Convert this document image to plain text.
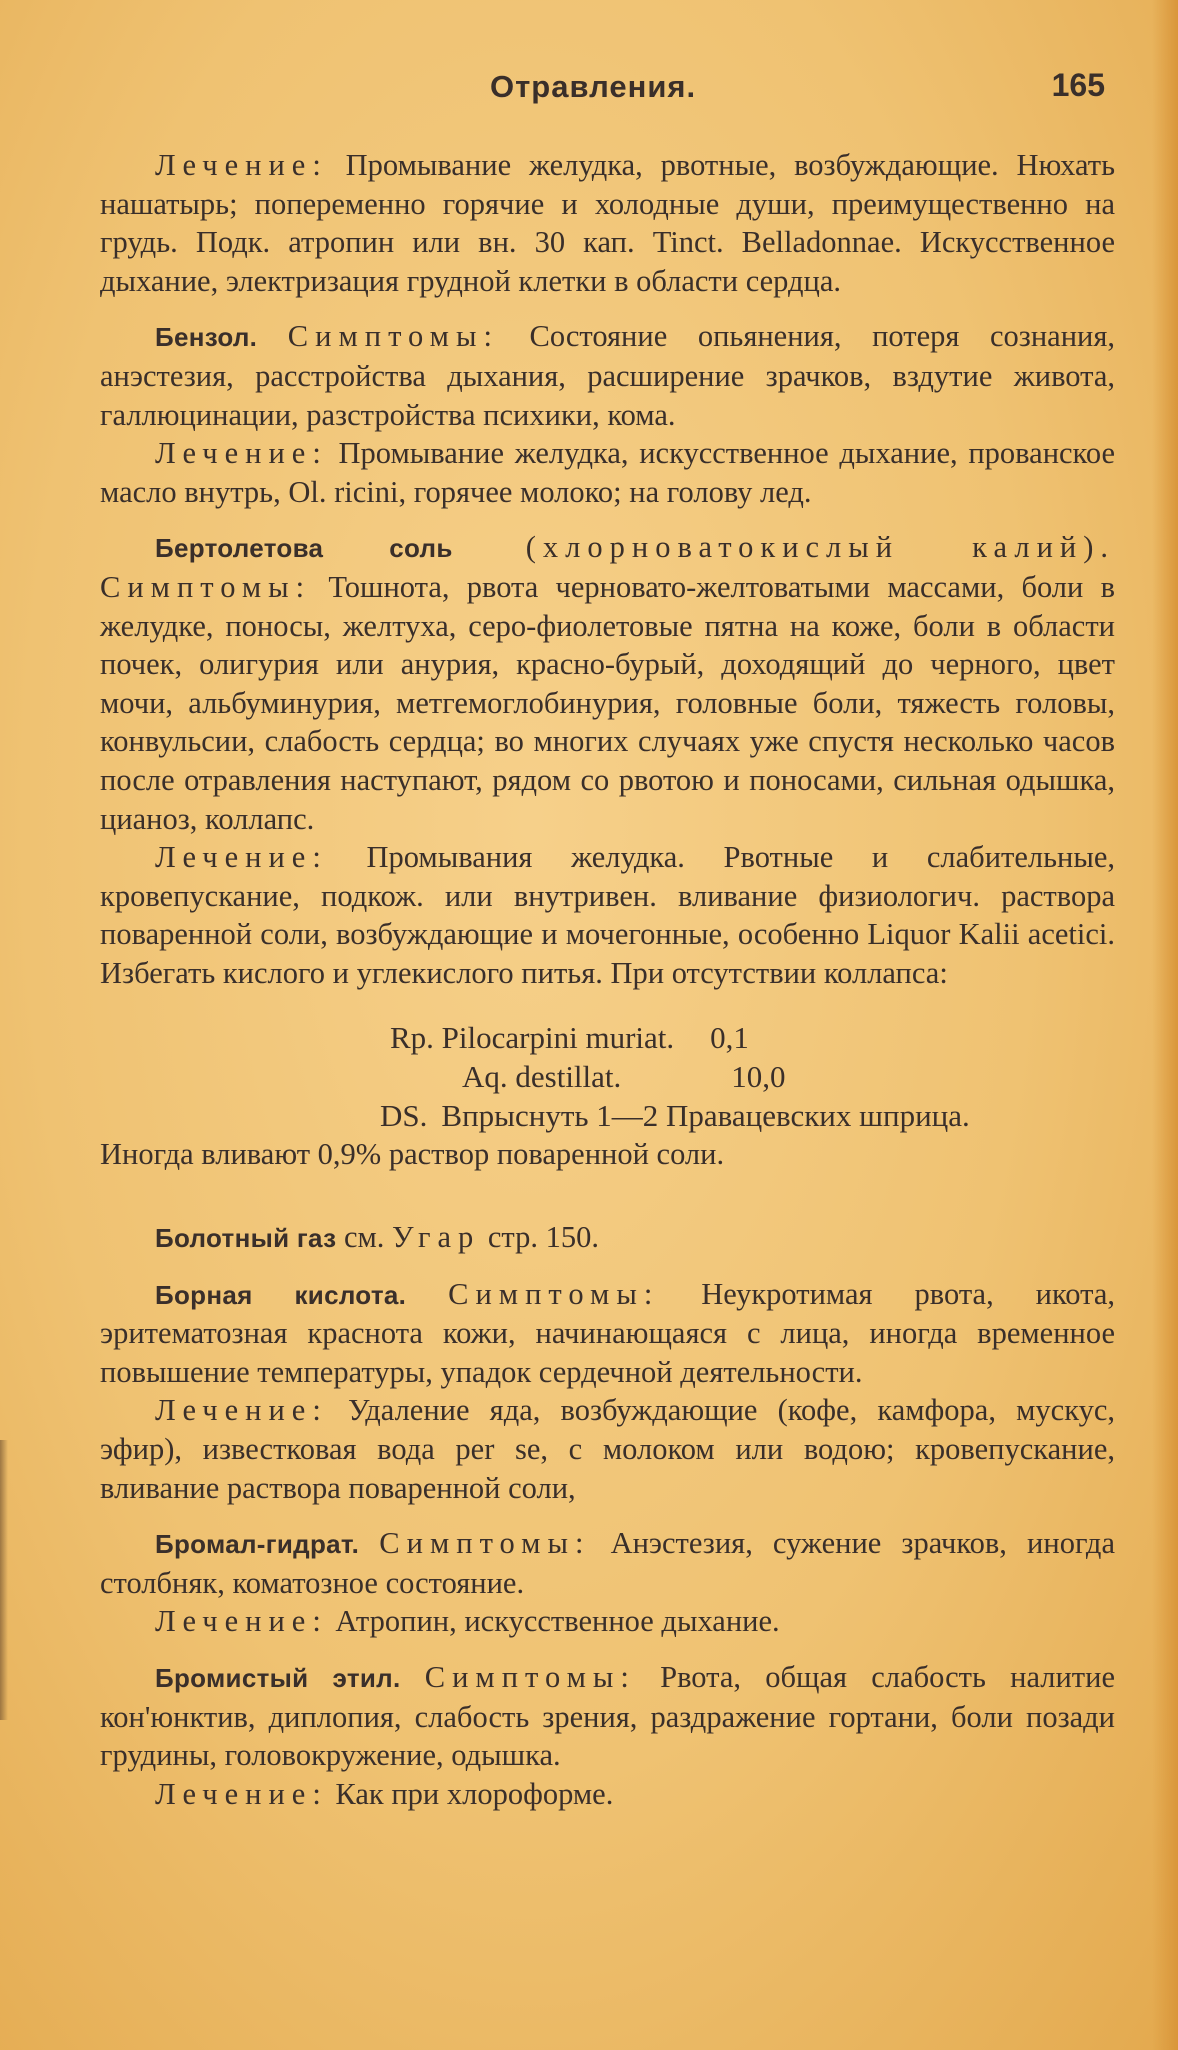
Отравления.	165

Лечение: Промывание желудка, рвотные, возбуждающие. Нюхать нашатырь; попеременно горячие и холодные души, преимущественно на грудь. Подк. атропин или вн. 30 кап. Tinct. Belladonnae. Искусственное дыхание, электризация грудной клетки в области сердца.

Бензол. Симптомы: Состояние опьянения, потеря сознания, анэстезия, расстройства дыхания, расширение зрачков, вздутие живота, галлюцинации, разстройства психики, кома.

Лечение: Промывание желудка, искусственное дыхание, прованское масло внутрь, Ol. ricini, горячее молоко; на голову лед.

Бертолетова соль (хлорноватокислый калий). Симптомы: Тошнота, рвота черновато-желтоватыми массами, боли в желудке, поносы, желтуха, серо-фиолетовые пятна на коже, боли в области почек, олигурия или анурия, красно-бурый, доходящий до черного, цвет мочи, альбуминурия, метгемоглобинурия, головные боли, тяжесть головы, конвульсии, слабость сердца; во многих случаях уже спустя несколько часов после отравления наступают, рядом со рвотою и поносами, сильная одышка, цианоз, коллапс.

Лечение: Промывания желудка. Рвотные и слабительные, кровепускание, подкож. или внутривен. вливание физиологич. раствора поваренной соли, возбуждающие и мочегонные, особенно Liquor Kalii acetici. Избегать кислого и углекислого питья. При отсутствии коллапса:

Rp. Pilocarpini muriat. 0,1
Aq. destillat.	10,0
DS. Впрыснуть 1—2 Правацевских шприца.

Иногда вливают 0,9% раствор поваренной соли.

Болотный газ см. Угар стр. 150.

Борная кислота. Симптомы: Неукротимая рвота, икота, эритематозная краснота кожи, начинающаяся с лица, иногда временное повышение температуры, упадок сердечной деятельности.

Лечение: Удаление яда, возбуждающие (кофе, камфора, мускус, эфир), известковая вода per se, с молоком или водою; кровепускание, вливание раствора поваренной соли,

Бромал-гидрат. Симптомы: Анэстезия, сужение зрачков, иногда столбняк, коматозное состояние.

Лечение: Атропин, искусственное дыхание.

Бромистый этил. Симптомы: Рвота, общая слабость налитие кон'юнктив, диплопия, слабость зрения, раздражение гортани, боли позади грудины, головокружение, одышка.

Лечение: Как при хлороформе.
